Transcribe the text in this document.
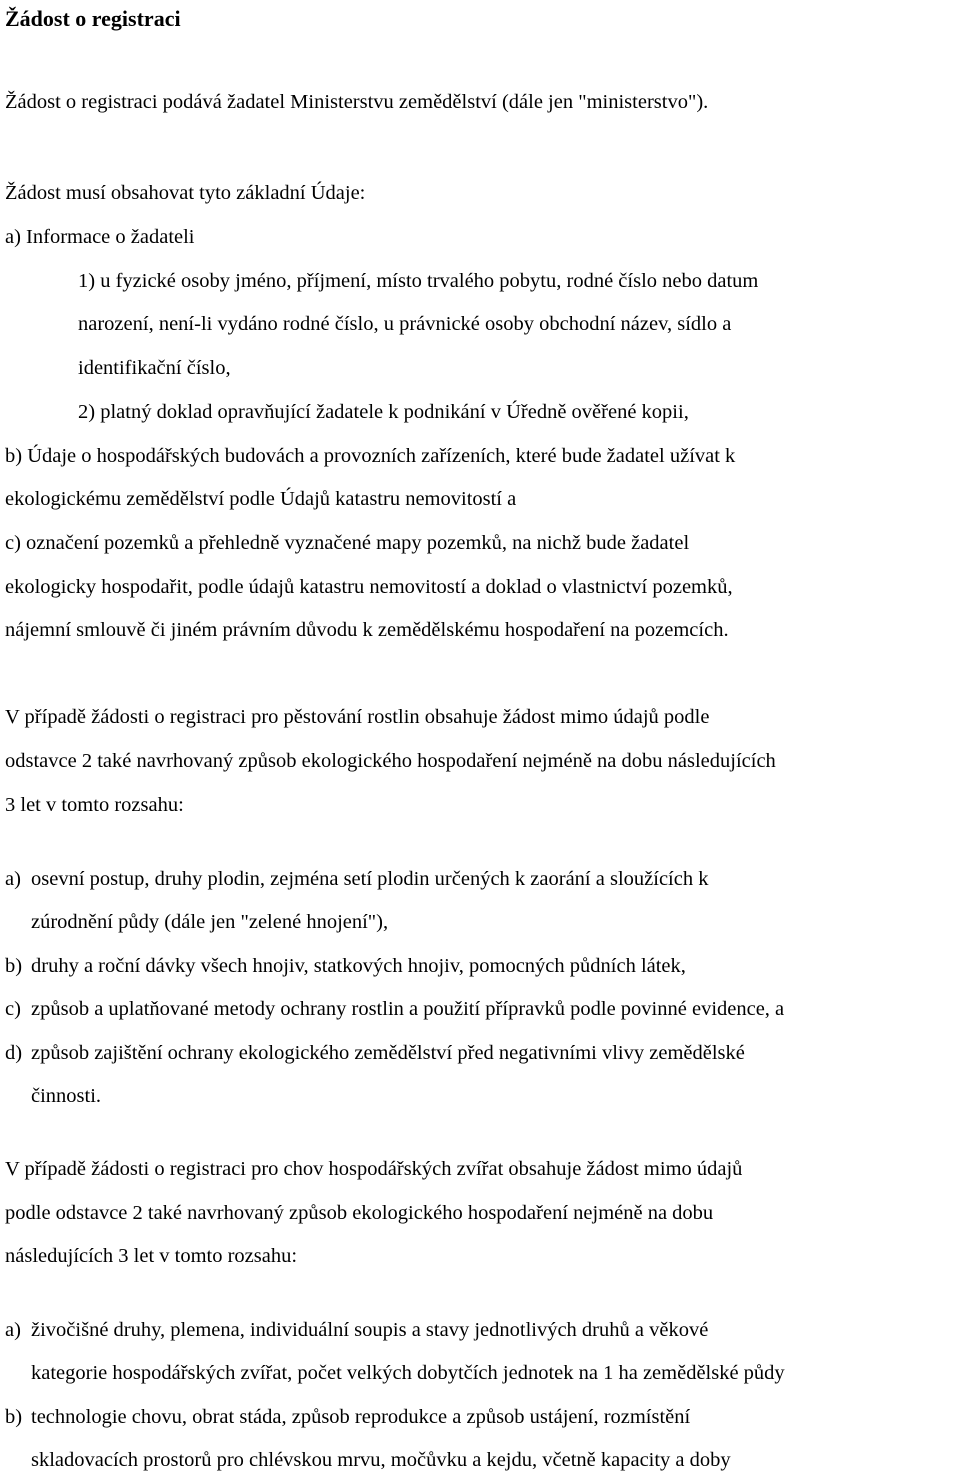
Žádost o registraci

Žádost o registraci podává žadatel Ministerstvu zemědělství (dále jen "ministerstvo").

Žádost musí obsahovat tyto základní Údaje:

a) Informace o žadateli

1) u fyzické osoby jméno, příjmení, místo trvalého pobytu, rodné číslo nebo datum

narození, není-li vydáno rodné číslo, u právnické osoby obchodní název, sídlo a

identifikační číslo,

2) platný doklad opravňující žadatele k podnikání v Úředně ověřené kopii,

b) Údaje o hospodářských budovách a provozních zařízeních, které bude žadatel užívat k

ekologickému zemědělství podle Údajů katastru nemovitostí a

c) označení pozemků a přehledně vyznačené mapy pozemků, na nichž bude žadatel

ekologicky hospodařit, podle údajů katastru nemovitostí a doklad o vlastnictví pozemků,

nájemní smlouvě či jiném právním důvodu k zemědělskému hospodaření na pozemcích.

V případě žádosti o registraci pro pěstování rostlin obsahuje žádost mimo údajů podle

odstavce 2 také navrhovaný způsob ekologického hospodaření nejméně na dobu následujících

3 let v tomto rozsahu:

a) osevní postup, druhy plodin, zejména setí plodin určených k zaorání a sloužících k

zúrodnění půdy (dále jen "zelené hnojení"),

b) druhy a roční dávky všech hnojiv, statkových hnojiv, pomocných půdních látek,

c) způsob a uplatňované metody ochrany rostlin a použití přípravků podle povinné evidence, a

d) způsob zajištění ochrany ekologického zemědělství před negativními vlivy zemědělské

činnosti.

V případě žádosti o registraci pro chov hospodářských zvířat obsahuje žádost mimo údajů

podle odstavce 2 také navrhovaný způsob ekologického hospodaření nejméně na dobu

následujících 3 let v tomto rozsahu:

a) živočišné druhy, plemena, individuální soupis a stavy jednotlivých druhů a věkové

kategorie hospodářských zvířat, počet velkých dobytčích jednotek na 1 ha zemědělské půdy

b) technologie chovu, obrat stáda, způsob reprodukce a způsob ustájení, rozmístění

skladovacích prostorů pro chlévskou mrvu, močůvku a kejdu, včetně kapacity a doby
